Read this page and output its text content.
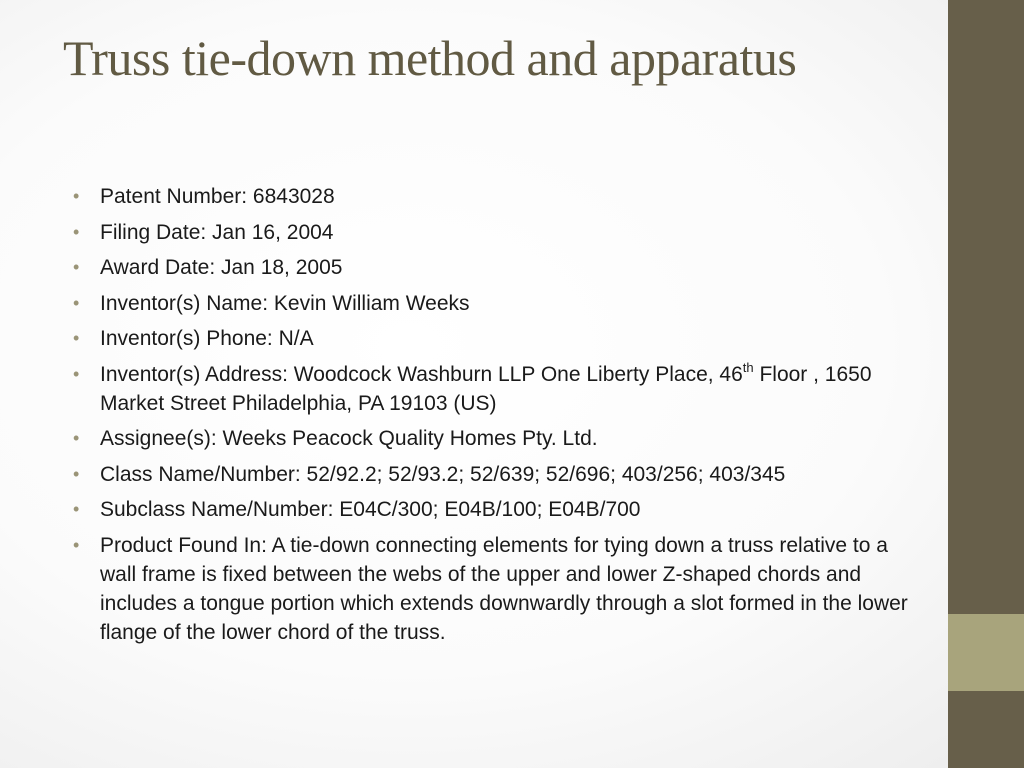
Truss tie-down method and apparatus
• Patent Number: 6843028
• Filing Date: Jan 16, 2004
• Award Date: Jan 18, 2005
• Inventor(s) Name: Kevin William Weeks
• Inventor(s) Phone: N/A
• Inventor(s) Address: Woodcock Washburn LLP One Liberty Place, 46th Floor , 1650 Market Street Philadelphia, PA 19103 (US)
• Assignee(s): Weeks Peacock Quality Homes Pty. Ltd.
• Class Name/Number: 52/92.2; 52/93.2; 52/639; 52/696; 403/256; 403/345
• Subclass Name/Number: E04C/300; E04B/100; E04B/700
• Product Found In: A tie-down connecting elements for tying down a truss relative to a wall frame is fixed between the webs of the upper and lower Z-shaped chords and includes a tongue portion which extends downwardly through a slot formed in the lower flange of the lower chord of the truss.
